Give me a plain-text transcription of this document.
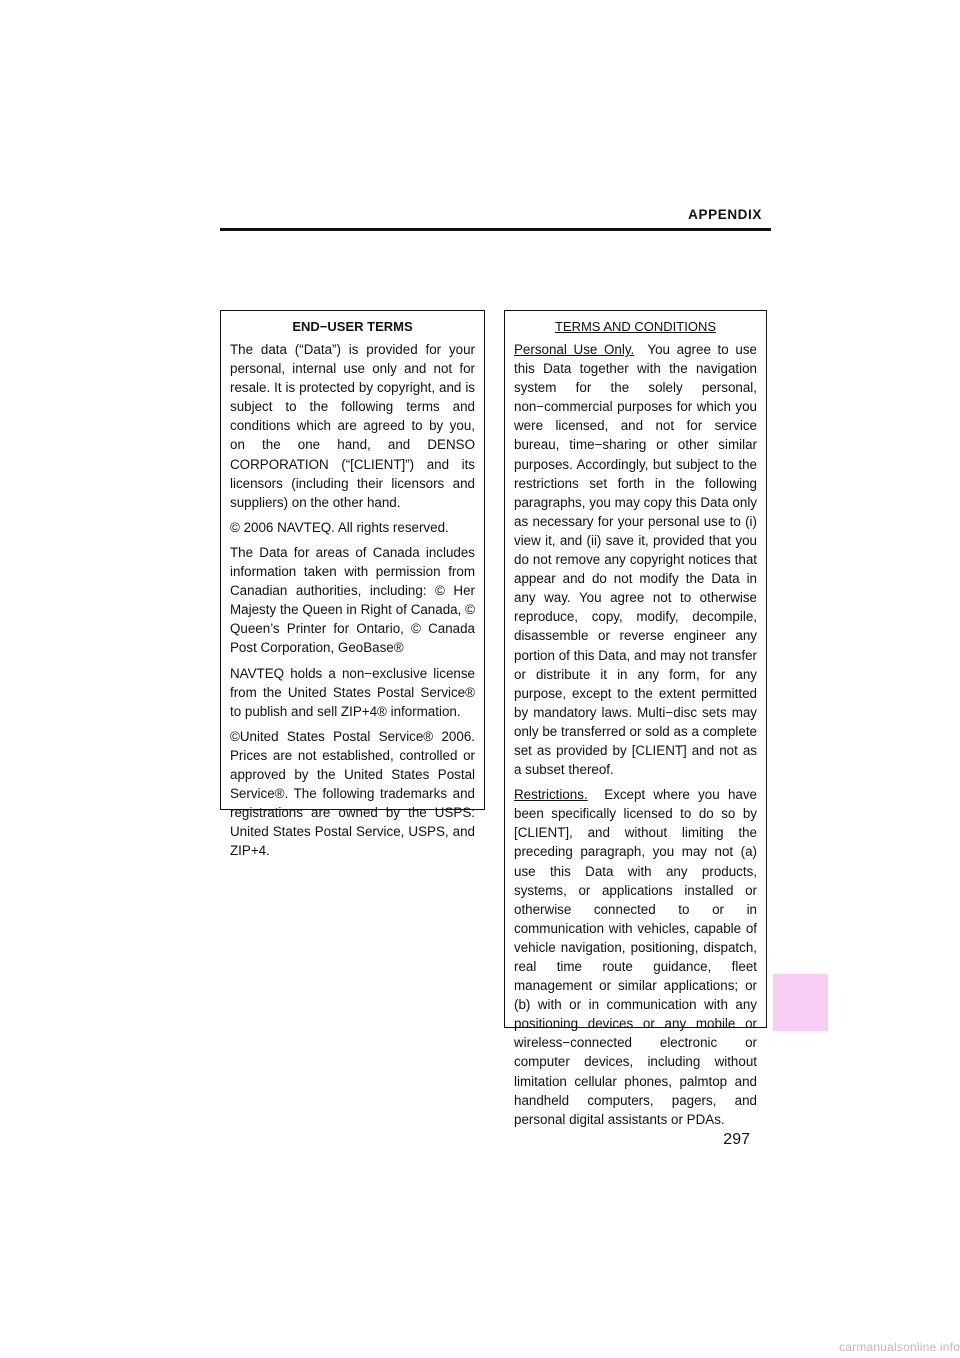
APPENDIX
END−USER TERMS

The data (“Data”) is provided for your personal, internal use only and not for resale. It is protected by copyright, and is subject to the following terms and conditions which are agreed to by you, on the one hand, and DENSO CORPORATION (“[CLIENT]”) and its licensors (including their licensors and suppliers) on the other hand.

© 2006 NAVTEQ. All rights reserved.

The Data for areas of Canada includes information taken with permission from Canadian authorities, including: © Her Majesty the Queen in Right of Canada, © Queen’s Printer for Ontario, © Canada Post Corporation, GeoBase®

NAVTEQ holds a non−exclusive license from the United States Postal Service® to publish and sell ZIP+4® information.

©United States Postal Service® 2006. Prices are not established, controlled or approved by the United States Postal Service®. The following trademarks and registrations are owned by the USPS: United States Postal Service, USPS, and ZIP+4.

TERMS AND CONDITIONS

Personal Use Only. You agree to use this Data together with the navigation system for the solely personal, non−commercial purposes for which you were licensed, and not for service bureau, time−sharing or other similar purposes. Accordingly, but subject to the restrictions set forth in the following paragraphs, you may copy this Data only as necessary for your personal use to (i) view it, and (ii) save it, provided that you do not remove any copyright notices that appear and do not modify the Data in any way. You agree not to otherwise reproduce, copy, modify, decompile, disassemble or reverse engineer any portion of this Data, and may not transfer or distribute it in any form, for any purpose, except to the extent permitted by mandatory laws. Multi−disc sets may only be transferred or sold as a complete set as provided by [CLIENT] and not as a subset thereof.

Restrictions. Except where you have been specifically licensed to do so by [CLIENT], and without limiting the preceding paragraph, you may not (a) use this Data with any products, systems, or applications installed or otherwise connected to or in communication with vehicles, capable of vehicle navigation, positioning, dispatch, real time route guidance, fleet management or similar applications; or (b) with or in communication with any positioning devices or any mobile or wireless−connected electronic or computer devices, including without limitation cellular phones, palmtop and handheld computers, pagers, and personal digital assistants or PDAs.

297
carmanualsonline.info
